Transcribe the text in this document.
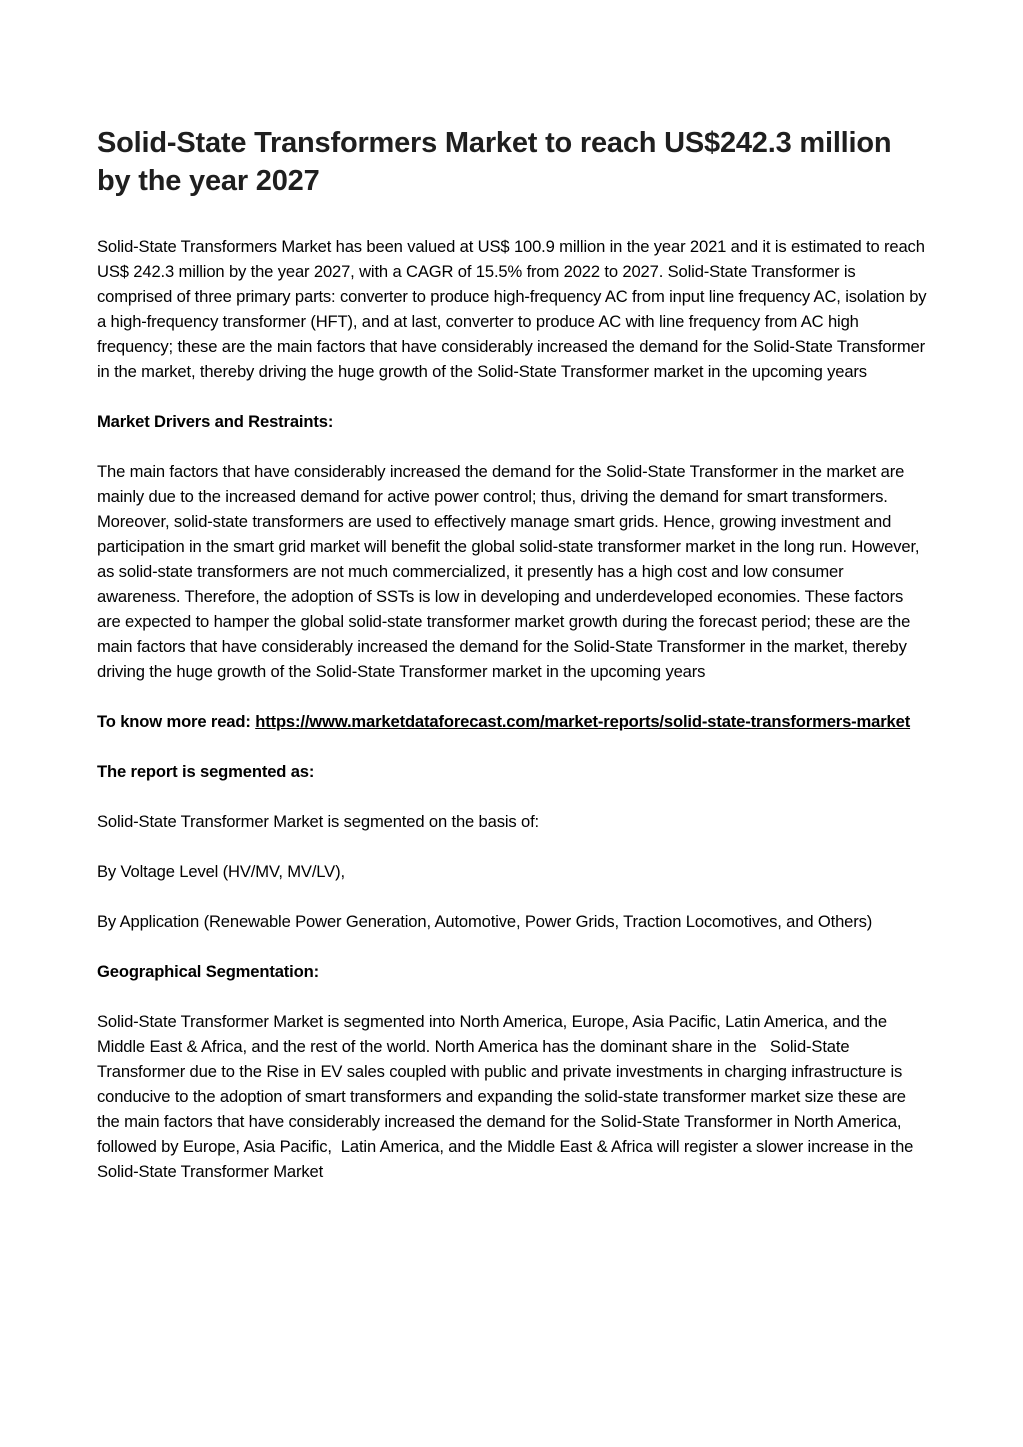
Solid-State Transformers Market to reach US$242.3 million by the year 2027

Solid-State Transformers Market has been valued at US$ 100.9 million in the year 2021 and it is estimated to reach US$ 242.3 million by the year 2027, with a CAGR of 15.5% from 2022 to 2027. Solid-State Transformer is comprised of three primary parts: converter to produce high-frequency AC from input line frequency AC, isolation by a high-frequency transformer (HFT), and at last, converter to produce AC with line frequency from AC high frequency; these are the main factors that have considerably increased the demand for the Solid-State Transformer in the market, thereby driving the huge growth of the Solid-State Transformer market in the upcoming years

Market Drivers and Restraints:

The main factors that have considerably increased the demand for the Solid-State Transformer in the market are mainly due to the increased demand for active power control; thus, driving the demand for smart transformers. Moreover, solid-state transformers are used to effectively manage smart grids. Hence, growing investment and participation in the smart grid market will benefit the global solid-state transformer market in the long run. However, as solid-state transformers are not much commercialized, it presently has a high cost and low consumer awareness. Therefore, the adoption of SSTs is low in developing and underdeveloped economies. These factors are expected to hamper the global solid-state transformer market growth during the forecast period; these are the main factors that have considerably increased the demand for the Solid-State Transformer in the market, thereby driving the huge growth of the Solid-State Transformer market in the upcoming years

To know more read: https://www.marketdataforecast.com/market-reports/solid-state-transformers-market

The report is segmented as:

Solid-State Transformer Market is segmented on the basis of:

By Voltage Level (HV/MV, MV/LV),

By Application (Renewable Power Generation, Automotive, Power Grids, Traction Locomotives, and Others)

Geographical Segmentation:

Solid-State Transformer Market is segmented into North America, Europe, Asia Pacific, Latin America, and the Middle East & Africa, and the rest of the world. North America has the dominant share in the   Solid-State Transformer due to the Rise in EV sales coupled with public and private investments in charging infrastructure is conducive to the adoption of smart transformers and expanding the solid-state transformer market size these are the main factors that have considerably increased the demand for the Solid-State Transformer in North America, followed by Europe, Asia Pacific,  Latin America, and the Middle East & Africa will register a slower increase in the   Solid-State Transformer Market
